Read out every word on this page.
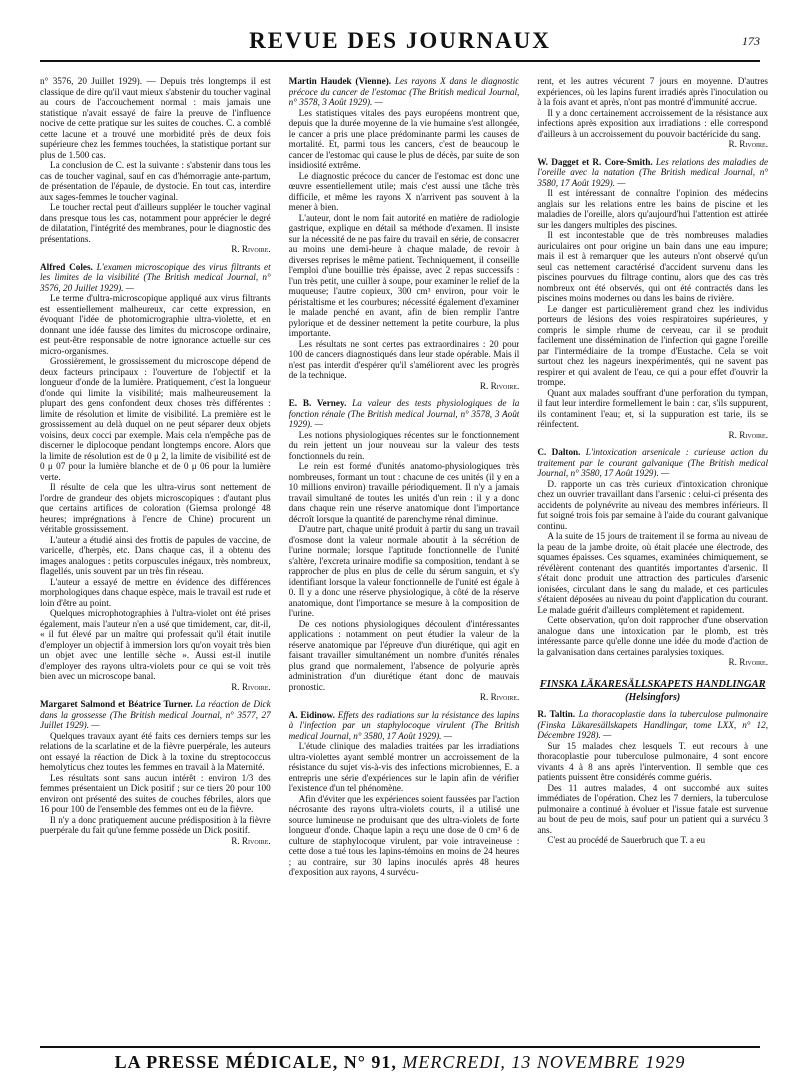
REVUE DES JOURNAUX	173

n° 3576, 20 Juillet 1929). — Depuis très longtemps il est classique de dire qu'il vaut mieux s'abstenir du toucher vaginal au cours de l'accouchement normal : mais jamais une statistique n'avait essayé de faire la preuve de l'influence nocive de cette pratique sur les suites de couches. C. a comblé cette lacune et a trouvé une morbidité près de deux fois supérieure chez les femmes touchées, la statistique portant sur plus de 1.500 cas.

La conclusion de C. est la suivante : s'abstenir dans tous les cas de toucher vaginal, sauf en cas d'hémorragie ante-partum, de présentation de l'épaule, de dystocie. En tout cas, interdire aux sages-femmes le toucher vaginal.

Le toucher rectal peut d'ailleurs suppléer le toucher vaginal dans presque tous les cas, notamment pour apprécier le degré de dilatation, l'intégrité des membranes, pour le diagnostic des présentations.

R. Rivoire.

Alfred Coles. L'examen microscopique des virus filtrants et les limites de la visibilité (The British medical Journal, n° 3576, 20 Juillet 1929). —

Le terme d'ultra-microscopique appliqué aux virus filtrants est essentiellement malheureux, car cette expression, en évoquant l'idée de photomicrographie ultra-violette, et en donnant une idée fausse des limites du microscope ordinaire, est peut-être responsable de notre ignorance actuelle sur ces micro-organismes.

Grossièrement, le grossissement du microscope dépend de deux facteurs principaux : l'ouverture de l'objectif et la longueur d'onde de la lumière. Pratiquement, c'est la longueur d'onde qui limite la visibilité; mais malheureusement la plupart des gens confondent deux choses très différentes : limite de résolution et limite de visibilité. La première est le grossissement au delà duquel on ne peut séparer deux objets voisins, deux cocci par exemple. Mais cela n'empêche pas de discerner le diplocoque pendant longtemps encore. Alors que la limite de résolution est de 0 μ 2, la limite de visibilité est de 0 μ 07 pour la lumière blanche et de 0 μ 06 pour la lumière verte.

Il résulte de cela que les ultra-virus sont nettement de l'ordre de grandeur des objets microscopiques : d'autant plus que certains artifices de coloration (Giemsa prolongé 48 heures; imprégnations à l'encre de Chine) procurent un véritable grossissement.

L'auteur a étudié ainsi des frottis de papules de vaccine, de varicelle, d'herpès, etc. Dans chaque cas, il a obtenu des images analogues : petits corpuscules inégaux, très nombreux, flagellés, unis souvent par un très fin réseau.

L'auteur a essayé de mettre en évidence des différences morphologiques dans chaque espèce, mais le travail est rude et loin d'être au point.

Quelques microphotographies à l'ultra-violet ont été prises également, mais l'auteur n'en a usé que timidement, car, dit-il, « il fut élevé par un maître qui professait qu'il était inutile d'employer un objectif à immersion lors qu'on voyait très bien un objet avec une lentille sèche ». Aussi est-il inutile d'employer des rayons ultra-violets pour ce qui se voit très bien avec un microscope banal.

R. Rivoire.

Margaret Salmond et Béatrice Turner. La réaction de Dick dans la grossesse (The British medical Journal, n° 3577, 27 Juillet 1929). —

Quelques travaux ayant été faits ces derniers temps sur les relations de la scarlatine et de la fièvre puerpérale, les auteurs ont essayé la réaction de Dick à la toxine du streptococcus hemolyticus chez toutes les femmes en travail à la Maternité.

Les résultats sont sans aucun intérêt : environ 1/3 des femmes présentaient un Dick positif ; sur ce tiers 20 pour 100 environ ont présenté des suites de couches fébriles, alors que 16 pour 100 de l'ensemble des femmes ont eu de la fièvre.

Il n'y a donc pratiquement aucune prédisposition à la fièvre puerpérale du fait qu'une femme possède un Dick positif.

R. Rivoire.

Martin Haudek (Vienne). Les rayons X dans le diagnostic précoce du cancer de l'estomac (The British medical Journal, n° 3578, 3 Août 1929). —

Les statistiques vitales des pays européens montrent que, depuis que la durée moyenne de la vie humaine s'est allongée, le cancer a pris une place prédominante parmi les causes de mortalité. Et, parmi tous les cancers, c'est de beaucoup le cancer de l'estomac qui cause le plus de décès, par suite de son insidiosité extrême.

Le diagnostic précoce du cancer de l'estomac est donc une œuvre essentiellement utile; mais c'est aussi une tâche très difficile, et même les rayons X n'arrivent pas souvent à la mener à bien.

L'auteur, dont le nom fait autorité en matière de radiologie gastrique, explique en détail sa méthode d'examen. Il insiste sur la nécessité de ne pas faire du travail en série, de consacrer au moins une demi-heure à chaque malade, de revoir à diverses reprises le même patient. Techniquement, il conseille l'emploi d'une bouillie très épaisse, avec 2 repas successifs : l'un très petit, une cuiller à soupe, pour examiner le relief de la muqueuse; l'autre copieux, 300 cm³ environ, pour voir le péristaltisme et les courbures; nécessité également d'examiner le malade penché en avant, afin de bien remplir l'antre pylorique et de dessiner nettement la petite courbure, la plus importante.

Les résultats ne sont certes pas extraordinaires : 20 pour 100 de cancers diagnostiqués dans leur stade opérable. Mais il n'est pas interdit d'espérer qu'il s'améliorent avec les progrès de la technique.

R. Rivoire.

E. B. Verney. La valeur des tests physiologiques de la fonction rénale (The British medical Journal, n° 3578, 3 Août 1929). —

Les notions physiologiques récentes sur le fonctionnement du rein jettent un jour nouveau sur la valeur des tests fonctionnels du rein.

Le rein est formé d'unités anatomo-physiologiques très nombreuses, formant un tout : chacune de ces unités (il y en a 10 millions environ) travaille périodiquement. Il n'y a jamais travail simultané de toutes les unités d'un rein : il y a donc dans chaque rein une réserve anatomique dont l'importance décroît lorsque la quantité de parenchyme rénal diminue.

D'autre part, chaque unité produit à partir du sang un travail d'osmose dont la valeur normale aboutit à la sécrétion de l'urine normale; lorsque l'aptitude fonctionnelle de l'unité s'altère, l'excreta urinaire modifie sa composition, tendant à se rapprocher de plus en plus de celle du sérum sanguin, et s'y identifiant lorsque la valeur fonctionnelle de l'unité est égale à 0. Il y a donc une réserve physiologique, à côté de la réserve anatomique, dont l'importance se mesure à la composition de l'urine.

De ces notions physiologiques découlent d'intéressantes applications : notamment on peut étudier la valeur de la réserve anatomique par l'épreuve d'un diurétique, qui agit en faisant travailler simultanément un nombre d'unités rénales plus grand que normalement, l'absence de polyurie après administration d'un diurétique étant donc de mauvais pronostic.

R. Rivoire.

A. Eidinow. Effets des radiations sur la résistance des lapins à l'infection par un staphylocoque virulent (The British medical Journal, n° 3580, 17 Août 1929). —

L'étude clinique des maladies traitées par les irradiations ultra-violettes ayant semblé montrer un accroissement de la résistance du sujet vis-à-vis des infections microbiennes, E. a entrepris une série d'expériences sur le lapin afin de vérifier l'existence d'un tel phénomène.

Afin d'éviter que les expériences soient faussées par l'action nécrosante des rayons ultra-violets courts, il a utilisé une source lumineuse ne produisant que des ultra-violets de forte longueur d'onde. Chaque lapin a reçu une dose de 0 cm³ 6 de culture de staphylocoque virulent, par voie intraveineuse : cette dose a tué tous les lapins-témoins en moins de 24 heures ; au contraire, sur 30 lapins inoculés après 48 heures d'exposition aux rayons, 4 survécu-

rent, et les autres vécurent 7 jours en moyenne. D'autres expériences, où les lapins furent irradiés après l'inoculation ou à la fois avant et après, n'ont pas montré d'immunité accrue.

Il y a donc certainement accroissement de la résistance aux infections après exposition aux irradiations : elle correspond d'ailleurs à un accroissement du pouvoir bactéricide du sang.

R. Rivoire.

W. Dagget et R. Core-Smith. Les relations des maladies de l'oreille avec la natation (The British medical Journal, n° 3580, 17 Août 1929). —

Il est intéressant de connaître l'opinion des médecins anglais sur les relations entre les bains de piscine et les maladies de l'oreille, alors qu'aujourd'hui l'attention est attirée sur les dangers multiples des piscines.

Il est incontestable que de très nombreuses maladies auriculaires ont pour origine un bain dans une eau impure; mais il est à remarquer que les auteurs n'ont observé qu'un seul cas nettement caractérisé d'accident survenu dans les piscines pourvues du filtrage continu, alors que des cas très nombreux ont été observés, qui ont été contractés dans les piscines moins modernes ou dans les bains de rivière.

Le danger est particulièrement grand chez les individus porteurs de lésions des voies respiratoires supérieures, y compris le simple rhume de cerveau, car il se produit facilement une dissémination de l'infection qui gagne l'oreille par l'intermédiaire de la trompe d'Eustache. Cela se voit surtout chez les nageurs inexpérimentés, qui ne savent pas respirer et qui avalent de l'eau, ce qui a pour effet d'ouvrir la trompe.

Quant aux malades souffrant d'une perforation du tympan, il faut leur interdire formellement le bain : car, s'ils suppurent, ils contaminent l'eau; et, si la suppuration est tarie, ils se réinfectent.

R. Rivoire.

C. Dalton. L'intoxication arsenicale : curieuse action du traitement par le courant galvanique (The British medical Journal, n° 3580, 17 Août 1929). —

D. rapporte un cas très curieux d'intoxication chronique chez un ouvrier travaillant dans l'arsenic : celui-ci présenta des accidents de polynévrite au niveau des membres inférieurs. Il fut soigné trois fois par semaine à l'aide du courant galvanique continu.

A la suite de 15 jours de traitement il se forma au niveau de la peau de la jambe droite, où était placée une électrode, des squames épaisses. Ces squames, examinées chimiquement, se révélèrent contenant des quantités importantes d'arsenic. Il s'était donc produit une attraction des particules d'arsenic ionisées, circulant dans le sang du malade, et ces particules s'étaient déposées au niveau du point d'application du courant. Le malade guérit d'ailleurs complètement et rapidement.

Cette observation, qu'on doit rapprocher d'une observation analogue dans une intoxication par le plomb, est très intéressante parce qu'elle donne une idée du mode d'action de la galvanisation dans certaines paralysies toxiques.

R. Rivoire.

FINSKA LÄKARESÄLLSKAPETS HANDLINGAR
(Helsingfors)

R. Taltin. La thoracoplastie dans la tuberculose pulmonaire (Finska Läkaresällskapets Handlingar, tome LXX, n° 12, Décembre 1928). —

Sur 15 malades chez lesquels T. eut recours à une thoracoplastie pour tuberculose pulmonaire, 4 sont encore vivants 4 à 8 ans après l'intervention. Il semble que ces patients puissent être considérés comme guéris.

Des 11 autres malades, 4 ont succombé aux suites immédiates de l'opération. Chez les 7 derniers, la tuberculose pulmonaire a continué à évoluer et l'issue fatale est survenue au bout de peu de mois, sauf pour un patient qui a survécu 3 ans.

C'est au procédé de Sauerbruch que T. a eu

LA PRESSE MÉDICALE, N° 91, MERCREDI, 13 NOVEMBRE 1929
